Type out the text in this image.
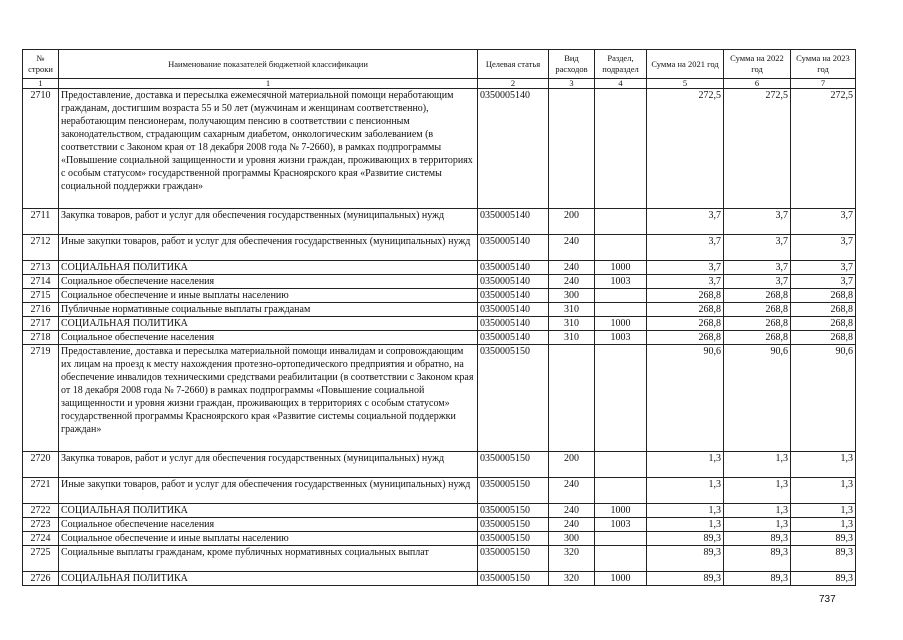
№ строки	Наименование показателей бюджетной классификации	Целевая статья	Вид расходов	Раздел, подраздел	Сумма на 2021 год	Сумма на 2022 год	Сумма на 2023 год
1	1	2	3	4	5	6	7
2710	Предоставление, доставка и пересылка ежемесячной материальной помощи неработающим гражданам, достигшим возраста 55 и 50 лет (мужчинам и женщинам соответственно), неработающим пенсионерам, получающим пенсию в соответствии с пенсионным законодательством, страдающим сахарным диабетом, онкологическим заболеванием (в соответствии с Законом края от 18 декабря 2008 года № 7-2660), в рамках подпрограммы «Повышение социальной защищенности и уровня жизни граждан, проживающих в территориях с особым статусом» государственной программы Красноярского края «Развитие системы социальной поддержки граждан»	0350005140			272,5	272,5	272,5
2711	Закупка товаров, работ и услуг для обеспечения государственных (муниципальных) нужд	0350005140	200		3,7	3,7	3,7
2712	Иные закупки товаров, работ и услуг для обеспечения государственных (муниципальных) нужд	0350005140	240		3,7	3,7	3,7
2713	СОЦИАЛЬНАЯ ПОЛИТИКА	0350005140	240	1000	3,7	3,7	3,7
2714	Социальное обеспечение населения	0350005140	240	1003	3,7	3,7	3,7
2715	Социальное обеспечение и иные выплаты населению	0350005140	300		268,8	268,8	268,8
2716	Публичные нормативные социальные выплаты гражданам	0350005140	310		268,8	268,8	268,8
2717	СОЦИАЛЬНАЯ ПОЛИТИКА	0350005140	310	1000	268,8	268,8	268,8
2718	Социальное обеспечение населения	0350005140	310	1003	268,8	268,8	268,8
2719	Предоставление, доставка и пересылка материальной помощи инвалидам и сопровождающим их лицам на проезд к месту нахождения протезно-ортопедического предприятия и обратно, на обеспечение инвалидов техническими средствами реабилитации (в соответствии с Законом края от 18 декабря 2008 года № 7-2660) в рамках подпрограммы «Повышение социальной защищенности и уровня жизни граждан, проживающих в территориях с особым статусом» государственной программы Красноярского края «Развитие системы социальной поддержки граждан»	0350005150			90,6	90,6	90,6
2720	Закупка товаров, работ и услуг для обеспечения государственных (муниципальных) нужд	0350005150	200		1,3	1,3	1,3
2721	Иные закупки товаров, работ и услуг для обеспечения государственных (муниципальных) нужд	0350005150	240		1,3	1,3	1,3
2722	СОЦИАЛЬНАЯ ПОЛИТИКА	0350005150	240	1000	1,3	1,3	1,3
2723	Социальное обеспечение населения	0350005150	240	1003	1,3	1,3	1,3
2724	Социальное обеспечение и иные выплаты населению	0350005150	300		89,3	89,3	89,3
2725	Социальные выплаты гражданам, кроме публичных нормативных социальных выплат	0350005150	320		89,3	89,3	89,3
2726	СОЦИАЛЬНАЯ ПОЛИТИКА	0350005150	320	1000	89,3	89,3	89,3
737
